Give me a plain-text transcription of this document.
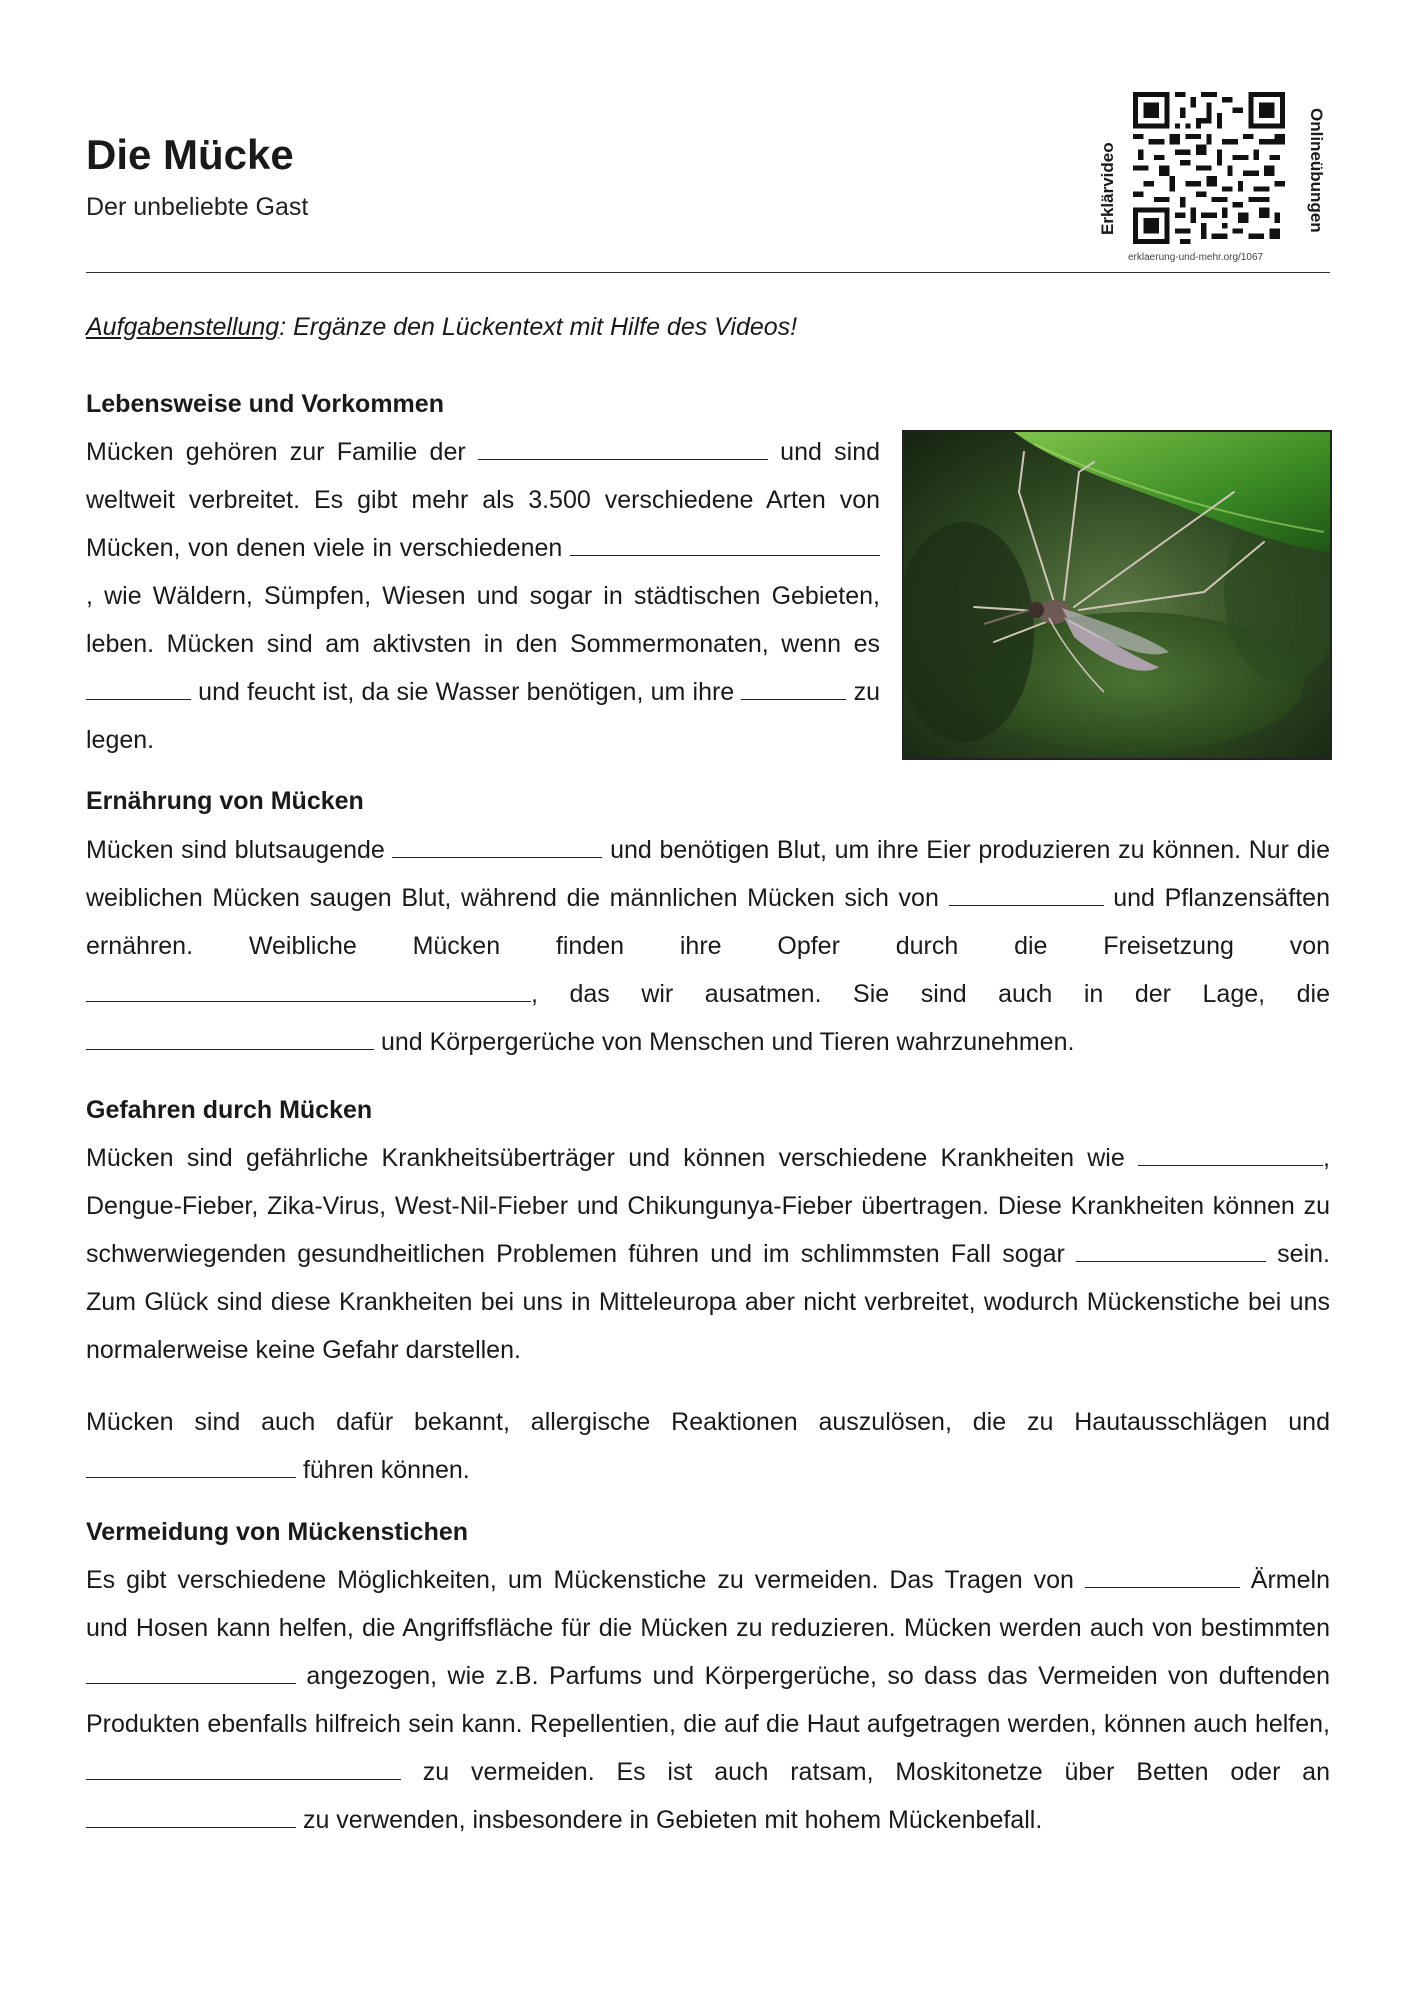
Die Mücke

Der unbeliebte Gast	Erklärvideo	Onlineübungen
erklaerung-und-mehr.org/1067
Aufgabenstellung: Ergänze den Lückentext mit Hilfe des Videos!
Lebensweise und Vorkommen

Mücken gehören zur Familie der	und sind weltweit verbreitet. Es gibt mehr als 3.500 verschiedene Arten von Mücken, von denen viele in verschiedenen , wie Wäldern, Sümpfen, Wiesen und sogar in städtischen Gebieten, leben. Mücken sind am aktivsten in den Sommermonaten, wenn es  und feucht ist, da sie Wasser benötigen, um ihre	zu legen.

Ernährung von Mücken

Mücken sind blutsaugende	und benötigen Blut, um ihre Eier produzieren zu können. Nur die weiblichen Mücken saugen Blut, während die männlichen Mücken sich von	und Pflanzensäften ernähren. Weibliche Mücken finden ihre Opfer durch die Freisetzung von , das wir ausatmen. Sie sind auch in der Lage, die  und Körpergerüche von Menschen und Tieren wahrzunehmen.

Gefahren durch Mücken

Mücken sind gefährliche Krankheitsüberträger und können verschiedene Krankheiten wie	, Dengue-Fieber, Zika-Virus, West-Nil-Fieber und Chikungunya-Fieber übertragen. Diese Krankheiten können zu schwerwiegenden gesundheitlichen Problemen führen und im schlimmsten Fall sogar	sein. Zum Glück sind diese Krankheiten bei uns in Mitteleuropa aber nicht verbreitet, wodurch Mückenstiche bei uns normalerweise keine Gefahr darstellen.

Mücken sind auch dafür bekannt, allergische Reaktionen auszulösen, die zu Hautausschlägen und  führen können.

Vermeidung von Mückenstichen

Es gibt verschiedene Möglichkeiten, um Mückenstiche zu vermeiden. Das Tragen von	Ärmeln und Hosen kann helfen, die Angriffsfläche für die Mücken zu reduzieren. Mücken werden auch von bestimmten  angezogen, wie z.B. Parfums und Körpergerüche, so dass das Vermeiden von duftenden Produkten ebenfalls hilfreich sein kann. Repellentien, die auf die Haut aufgetragen werden, können auch helfen,  zu vermeiden. Es ist auch ratsam, Moskitonetze über Betten oder an  zu verwenden, insbesondere in Gebieten mit hohem Mückenbefall.
